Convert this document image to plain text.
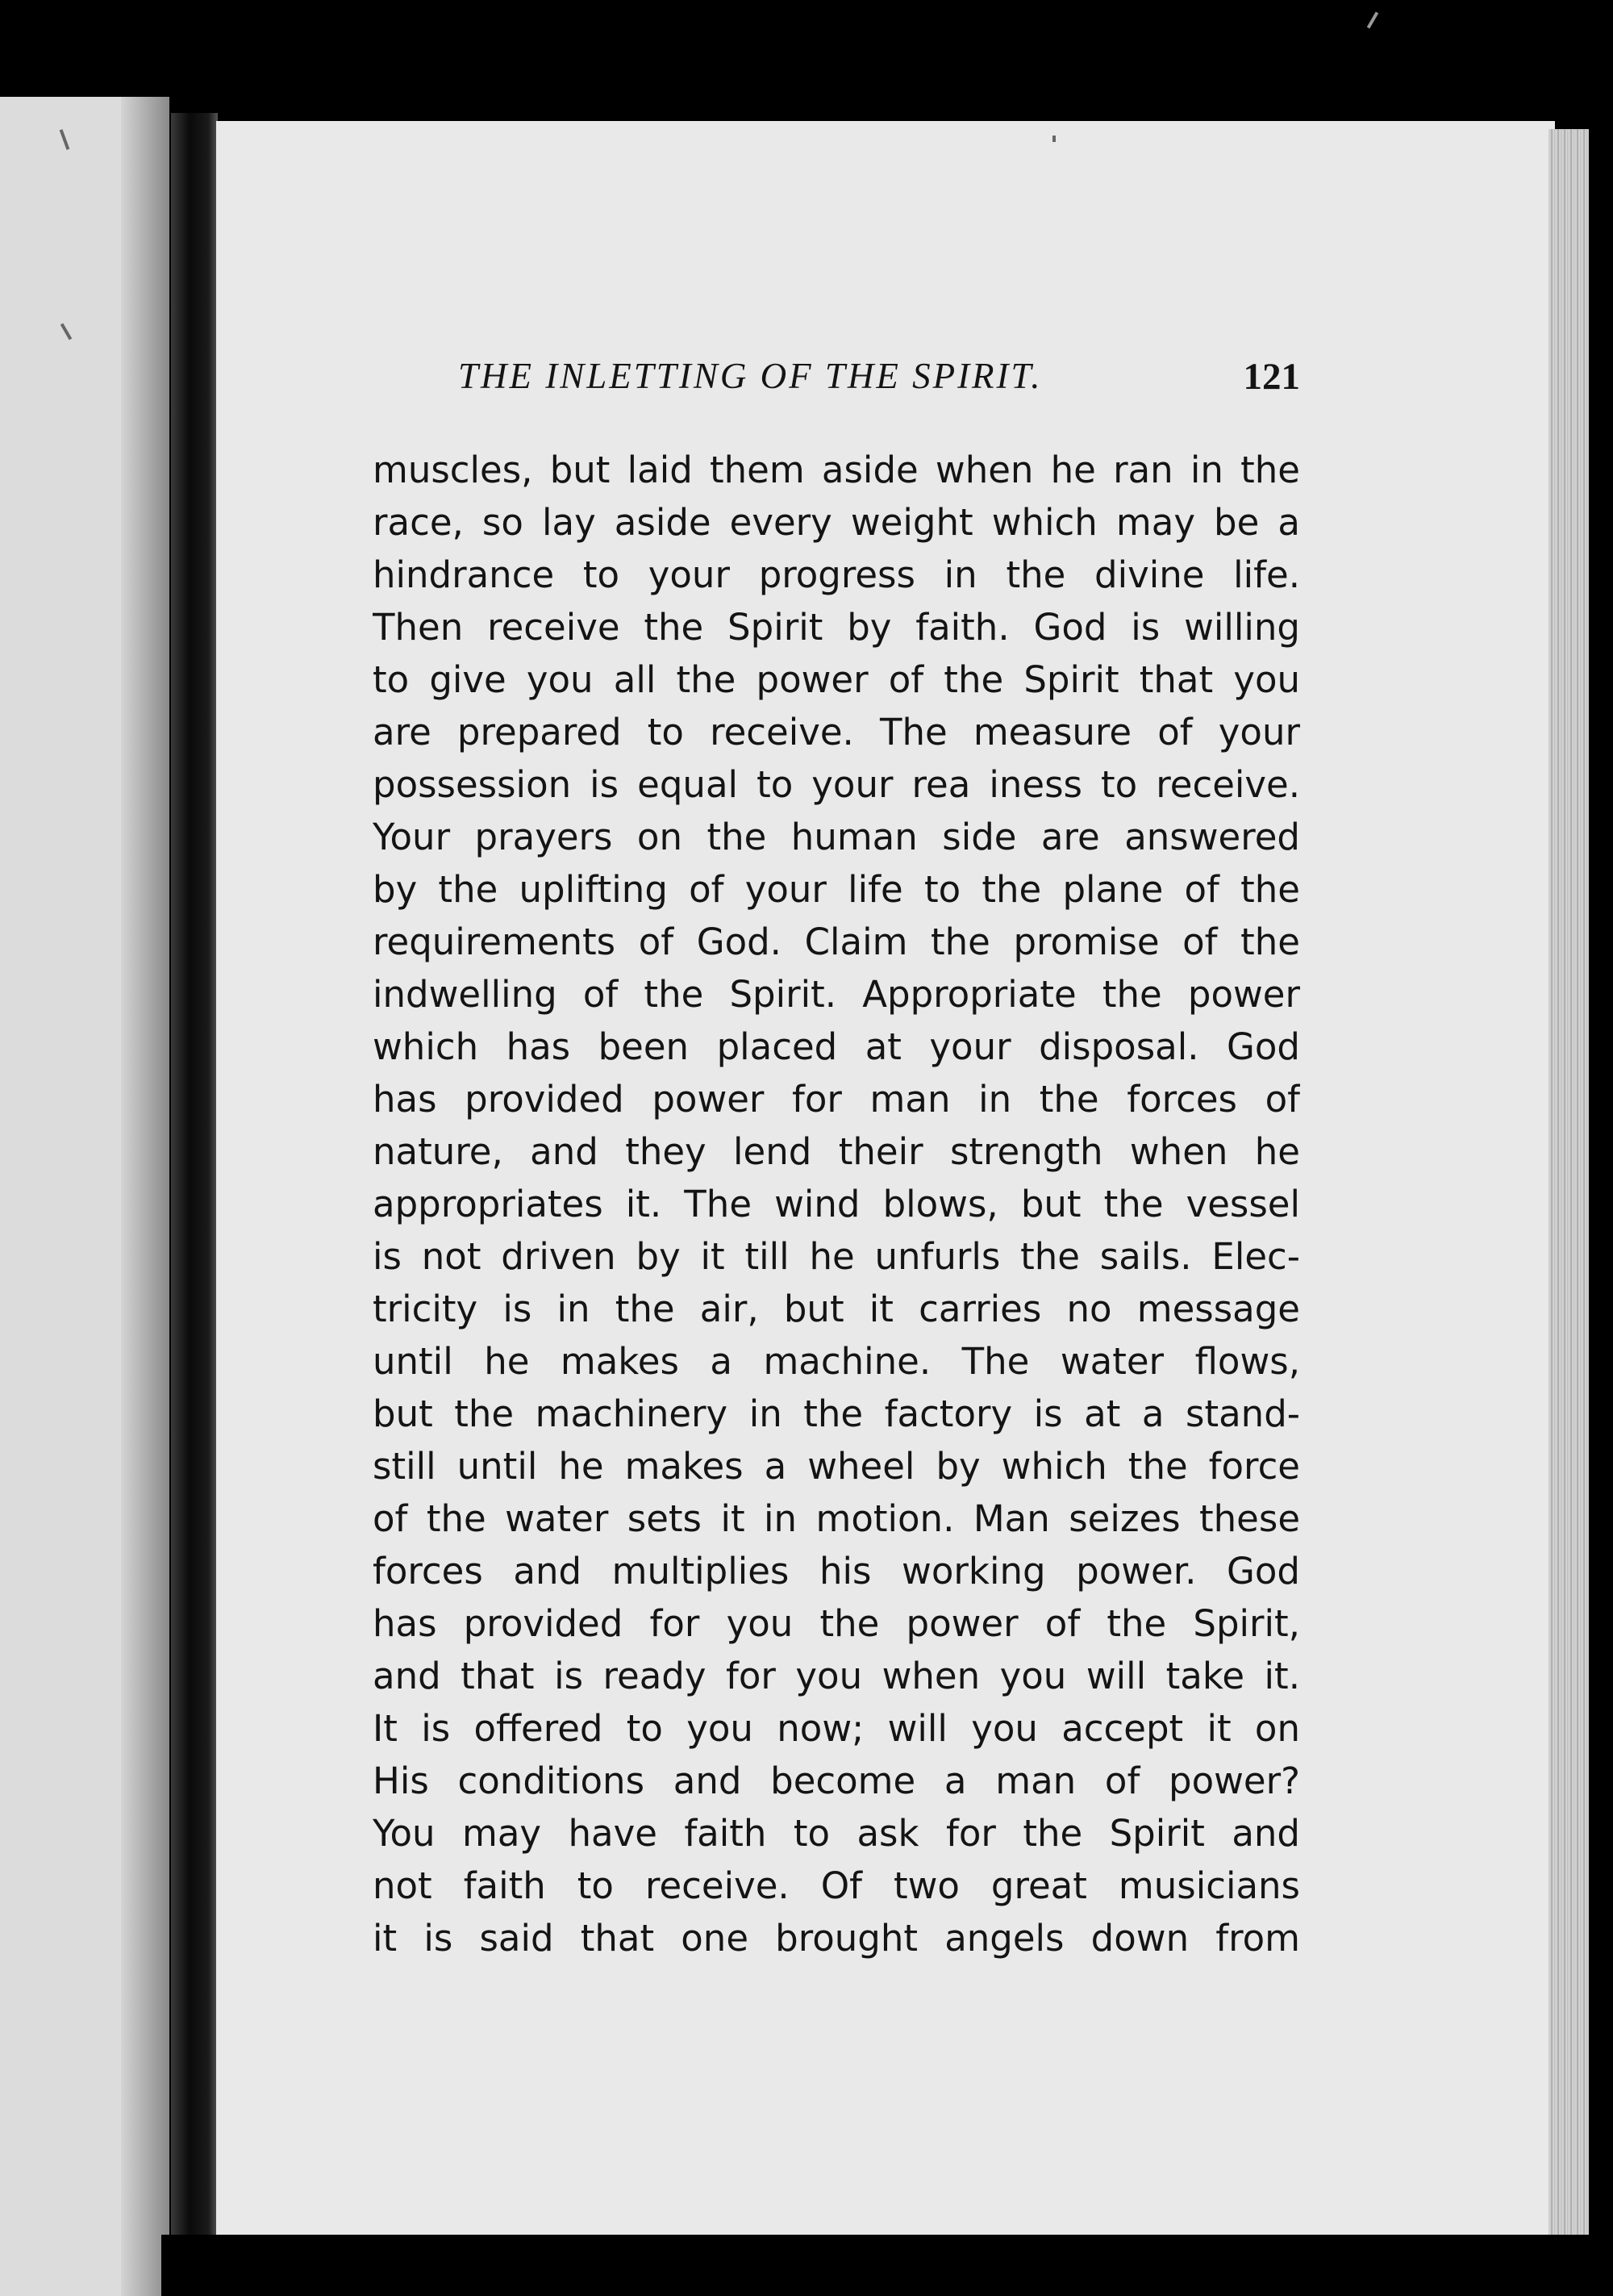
THE INLETTING OF THE SPIRIT.	121
muscles, but laid them aside when he ran in the
race, so lay aside every weight which may be a
hindrance to your progress in the divine life.
Then receive the Spirit by faith. God is willing
to give you all the power of the Spirit that you
are prepared to receive. The measure of your
possession is equal to your rea iness to receive.
Your prayers on the human side are answered
by the uplifting of your life to the plane of the
requirements of God. Claim the promise of the
indwelling of the Spirit. Appropriate the power
which has been placed at your disposal. God
has provided power for man in the forces of
nature, and they lend their strength when he
appropriates it. The wind blows, but the vessel
is not driven by it till he unfurls the sails. Elec-
tricity is in the air, but it carries no message
until he makes a machine. The water flows,
but the machinery in the factory is at a stand-
still until he makes a wheel by which the force
of the water sets it in motion. Man seizes these
forces and multiplies his working power. God
has provided for you the power of the Spirit,
and that is ready for you when you will take it.
It is offered to you now; will you accept it on
His conditions and become a man of power?
You may have faith to ask for the Spirit and
not faith to receive. Of two great musicians
it is said that one brought angels down from
